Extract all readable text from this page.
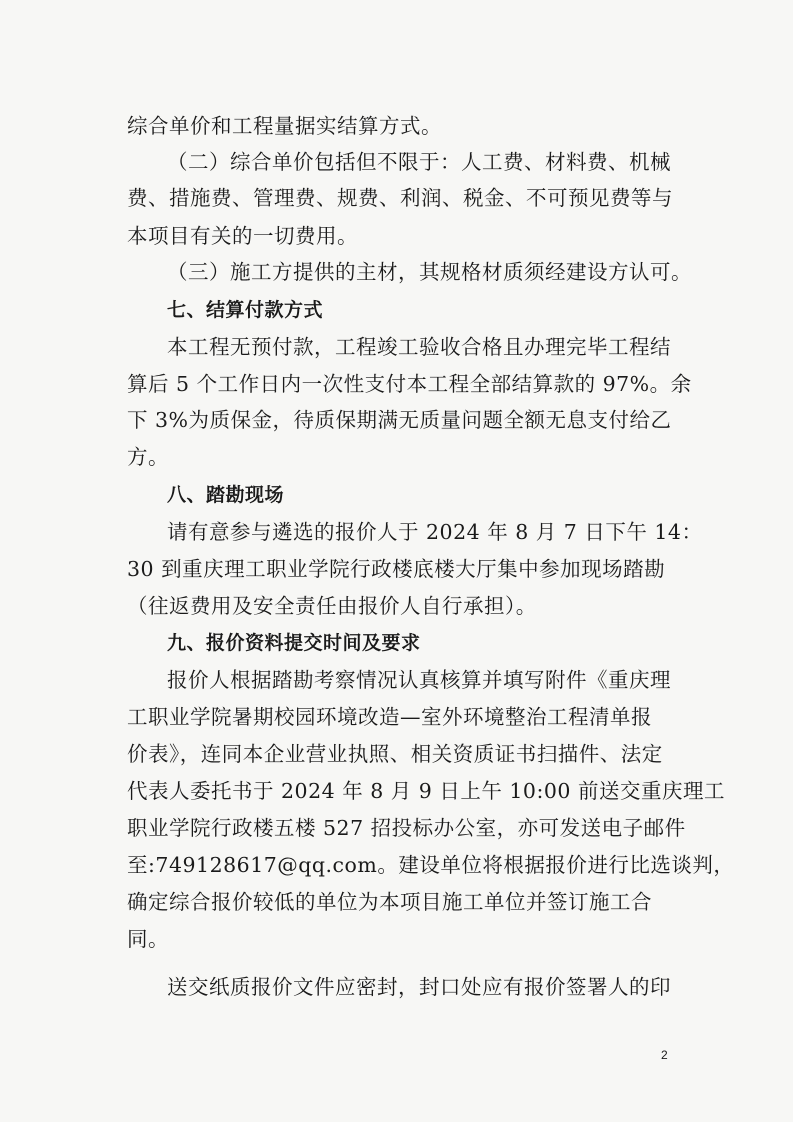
综合单价和工程量据实结算方式。
（二）综合单价包括但不限于：人工费、材料费、机械
费、措施费、管理费、规费、利润、税金、不可预见费等与
本项目有关的一切费用。
（三）施工方提供的主材，其规格材质须经建设方认可。
七、结算付款方式
本工程无预付款，工程竣工验收合格且办理完毕工程结
算后 5 个工作日内一次性支付本工程全部结算款的 97%。余
下 3%为质保金，待质保期满无质量问题全额无息支付给乙
方。
八、踏勘现场
请有意参与遴选的报价人于 2024 年 8 月 7 日下午 14：
30 到重庆理工职业学院行政楼底楼大厅集中参加现场踏勘
（往返费用及安全责任由报价人自行承担）。
九、报价资料提交时间及要求
报价人根据踏勘考察情况认真核算并填写附件《重庆理
工职业学院暑期校园环境改造—室外环境整治工程清单报
价表》，连同本企业营业执照、相关资质证书扫描件、法定
代表人委托书于 2024 年 8 月 9 日上午 10:00 前送交重庆理工
职业学院行政楼五楼 527 招投标办公室，亦可发送电子邮件
至:749128617@qq.com。建设单位将根据报价进行比选谈判，
确定综合报价较低的单位为本项目施工单位并签订施工合
同。
送交纸质报价文件应密封，封口处应有报价签署人的印
2
